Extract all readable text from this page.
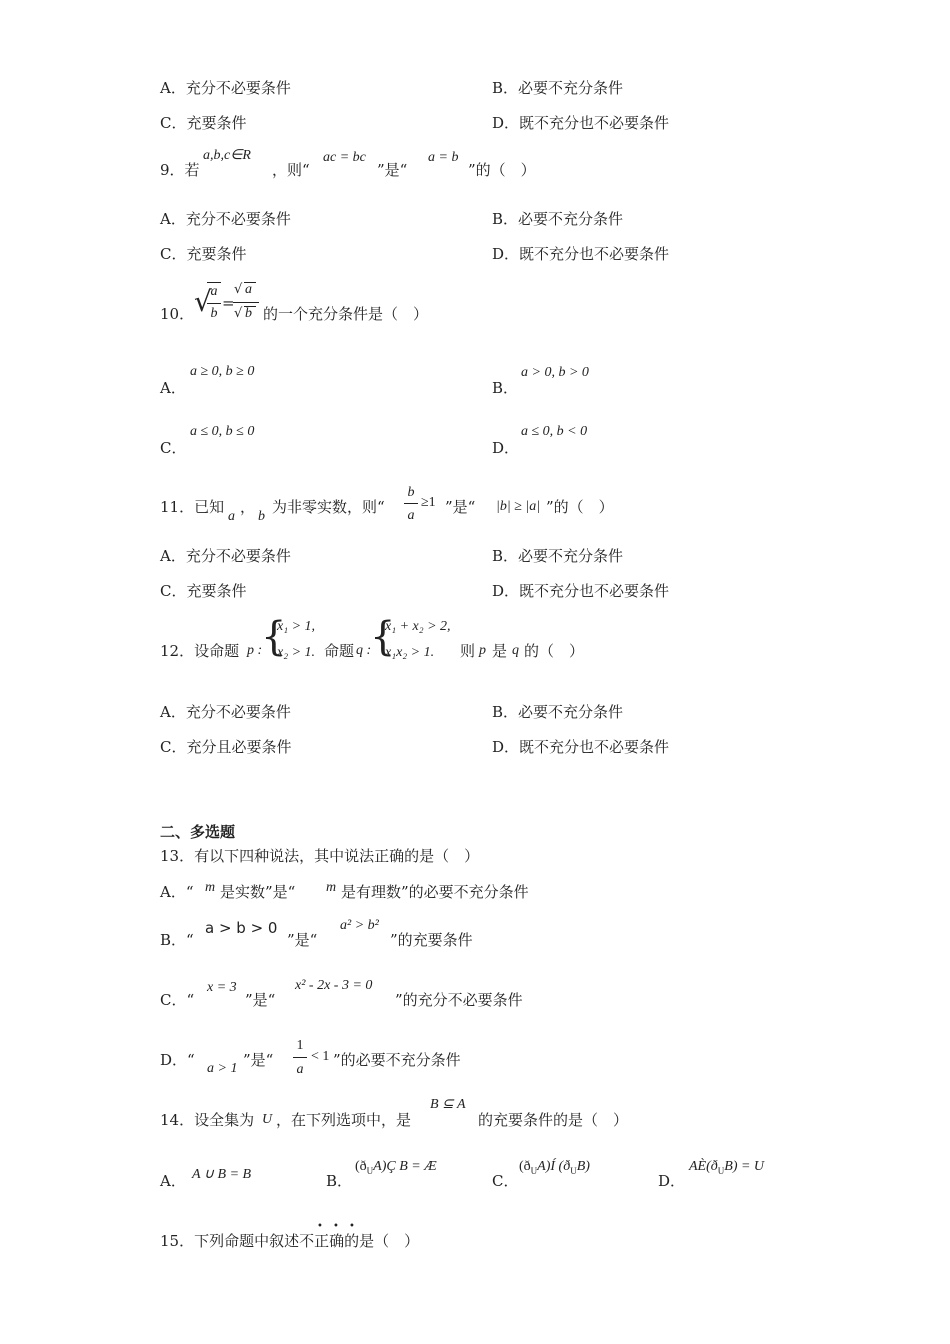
A．充分不必要条件	B．必要不充分条件
C．充要条件	D．既不充分也不必要条件
9．若
a,b,c∈R
，则“
ac = bc
”是“
a = b
”的（　）
A．充分不必要条件	B．必要不充分条件
C．充要条件	D．既不充分也不必要条件
10． √
a
b
=
√ a
√ b 的一个充分条件是（　）
A．
a ≥ 0, b ≥ 0
B．
a > 0, b > 0
C．
a ≤ 0, b ≤ 0
D．
a ≤ 0, b < 0
11．已知
a
，
b
为非零实数，则“
b
a
≥1 ”是“ |b| ≥ |a| ”的（　）
A．充分不必要条件	B．必要不充分条件
C．充要条件	D．既不充分也不必要条件
12．设命题 p :
{
x₁ > 1,
x₂ > 1. 命题 q :
{
x₁ + x₂ > 2,
x₁x₂ > 1. 则 p 是 q 的（　）
A．充分不必要条件	B．必要不充分条件
C．充分且必要条件	D．既不充分也不必要条件
二、多选题
13．有以下四种说法，其中说法正确的是（　）
A．“ m 是实数”是“ m 是有理数”的必要不充分条件
B．“
a > b > 0
”是“
a² > b²
”的充要条件
C．“
x = 3
”是“
x² - 2x - 3 = 0
”的充分不必要条件
D．“ a > 1 ”是“
1
a
< 1 ”的必要不充分条件
14．设全集为 U ，在下列选项中，是
B ⊆ A
的充要条件的是（　）
A． A ∪ B = B	B．
$(ð_UA)Ç$ B = Æ
C．
$(ð_UA)Í$ $(ð_UB)$
D．
$AÈ(ð_UB) = U$
15．下列命题中叙述不正确的是（　）
• • •
